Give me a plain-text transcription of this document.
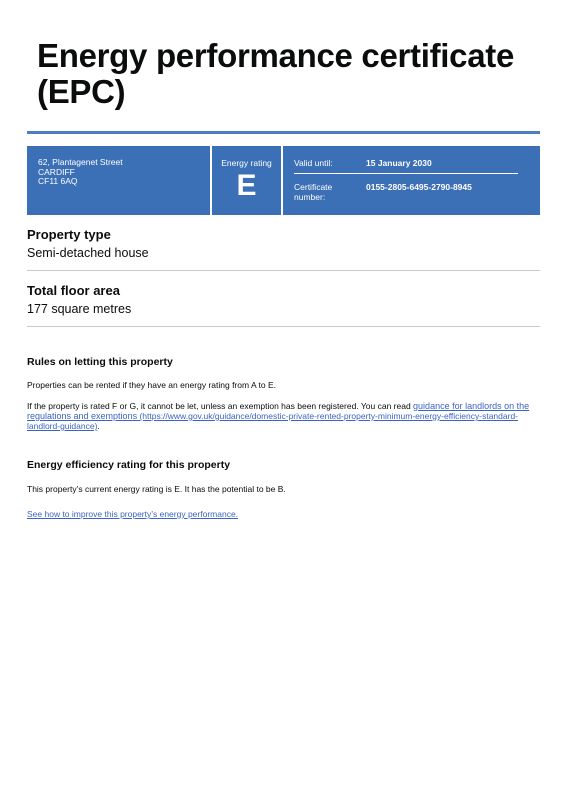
Energy performance certificate (EPC)
62, Plantagenet Street
CARDIFF
CF11 6AQ
Energy rating
E
Valid until:	15 January 2030
Certificate
number:
0155-2805-6495-2790-8945
Property type
Semi-detached house
Total floor area
177 square metres
Rules on letting this property
Properties can be rented if they have an energy rating from A to E.
If the property is rated F or G, it cannot be let, unless an exemption has been registered. You can read guidance for landlords on the regulations and exemptions (https://www.gov.uk/guidance/domestic-private-rented-property-minimum-energy-efficiency-standard-landlord-guidance).
Energy efficiency rating for this property
This property’s current energy rating is E. It has the potential to be B.
See how to improve this property’s energy performance.
